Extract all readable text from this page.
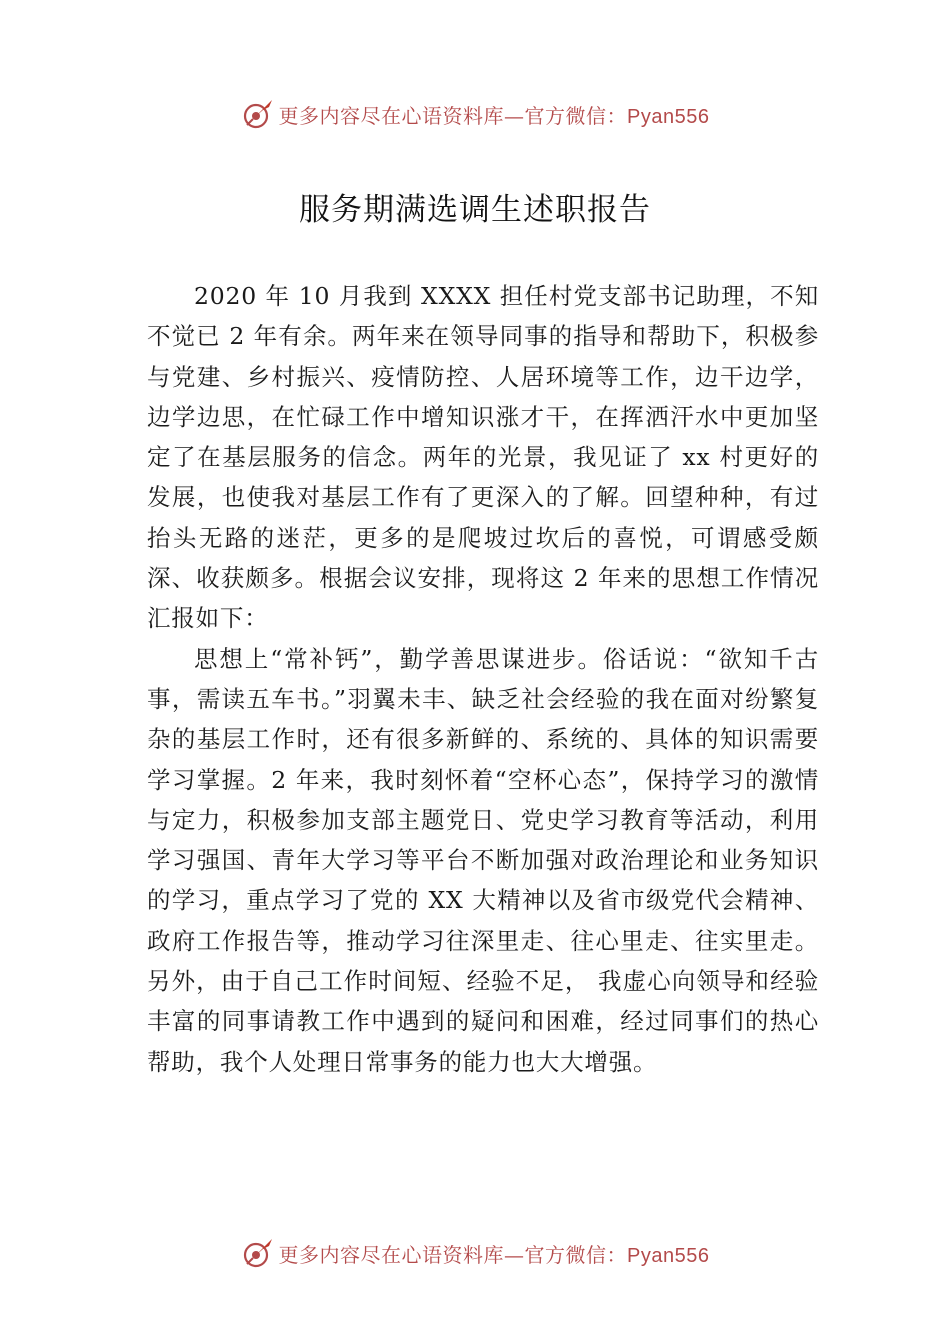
更多内容尽在心语资料库—官方微信：Pyan556
服务期满选调生述职报告

2020 年 10 月我到 XXXX 担任村党支部书记助理，不知不觉已 2 年有余。两年来在领导同事的指导和帮助下，积极参与党建、乡村振兴、疫情防控、人居环境等工作，边干边学，边学边思，在忙碌工作中增知识涨才干，在挥洒汗水中更加坚定了在基层服务的信念。两年的光景，我见证了 xx 村更好的发展，也使我对基层工作有了更深入的了解。回望种种，有过抬头无路的迷茫，更多的是爬坡过坎后的喜悦，可谓感受颇深、收获颇多。根据会议安排，现将这 2 年来的思想工作情况汇报如下：

思想上“常补钙”，勤学善思谋进步。俗话说：“欲知千古事，需读五车书。”羽翼未丰、缺乏社会经验的我在面对纷繁复杂的基层工作时，还有很多新鲜的、系统的、具体的知识需要学习掌握。2 年来，我时刻怀着“空杯心态”，保持学习的激情与定力，积极参加支部主题党日、党史学习教育等活动，利用学习强国、青年大学习等平台不断加强对政治理论和业务知识的学习，重点学习了党的 XX 大精神以及省市级党代会精神、政府工作报告等，推动学习往深里走、往心里走、往实里走。另外，由于自己工作时间短、经验不足， 我虚心向领导和经验丰富的同事请教工作中遇到的疑问和困难，经过同事们的热心帮助，我个人处理日常事务的能力也大大增强。

更多内容尽在心语资料库—官方微信：Pyan556
